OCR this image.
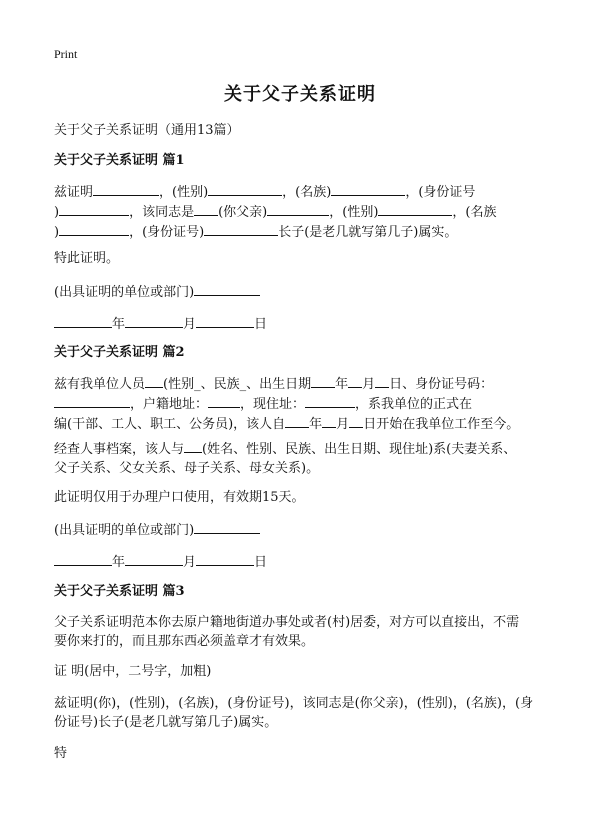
Print
关于父子关系证明
关于父子关系证明（通用13篇）
关于父子关系证明 篇1
兹证明	，(性别)	，(名族)	，(身份证号
)	，该同志是 (你父亲)	，(性别)	，(名族
)	，(身份证号)	长子(是老几就写第几子)属实。
特此证明。
(出具证明的单位或部门)
年	月	日
关于父子关系证明 篇2
兹有我单位人员 (性别_、民族_、出生日期 年 月 日、身份证号码：
，户籍地址： ，现住址：	，系我单位的正式在
编(干部、工人、职工、公务员)，该人自 年 月 日开始在我单位工作至今。
经查人事档案，该人与 (姓名、性别、民族、出生日期、现住址)系(夫妻关系、
父子关系、父女关系、母子关系、母女关系)。
此证明仅用于办理户口使用，有效期15天。
(出具证明的单位或部门)
年	月	日
关于父子关系证明 篇3
父子关系证明范本你去原户籍地街道办事处或者(村)居委，对方可以直接出，不需
要你来打的，而且那东西必须盖章才有效果。
证 明(居中，二号字，加粗)
兹证明(你)，(性别)，(名族)，(身份证号)，该同志是(你父亲)，(性别)，(名族)，(身
份证号)长子(是老几就写第几子)属实。
特
